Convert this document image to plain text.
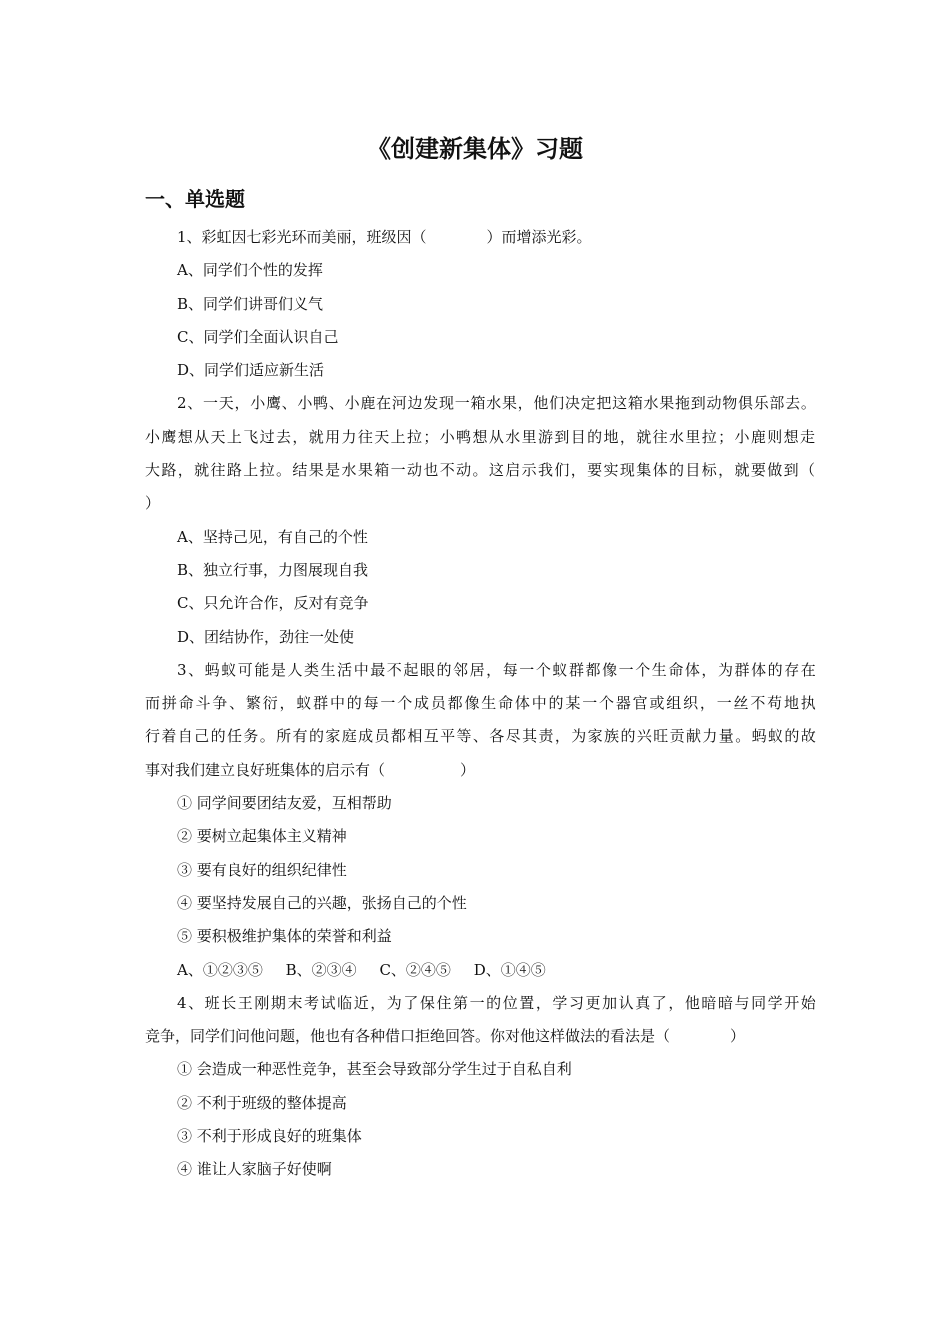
《创建新集体》习题
一、单选题
1、彩虹因七彩光环而美丽，班级因（　　　　）而增添光彩。
A、同学们个性的发挥
B、同学们讲哥们义气
C、同学们全面认识自己
D、同学们适应新生活
2、一天，小鹰、小鸭、小鹿在河边发现一箱水果，他们决定把这箱水果拖到动物俱乐部去。
小鹰想从天上飞过去，就用力往天上拉；小鸭想从水里游到目的地，就往水里拉；小鹿则想走
大路，就往路上拉。结果是水果箱一动也不动。这启示我们，要实现集体的目标，就要做到（
）
A、坚持己见，有自己的个性
B、独立行事，力图展现自我
C、只允许合作，反对有竞争
D、团结协作，劲往一处使
3、蚂蚁可能是人类生活中最不起眼的邻居，每一个蚁群都像一个生命体，为群体的存在
而拼命斗争、繁衍，蚁群中的每一个成员都像生命体中的某一个器官或组织，一丝不苟地执
行着自己的任务。所有的家庭成员都相互平等、各尽其责，为家族的兴旺贡献力量。蚂蚁的故
事对我们建立良好班集体的启示有（　　　　　）
① 同学间要团结友爱，互相帮助
② 要树立起集体主义精神
③ 要有良好的组织纪律性
④ 要坚持发展自己的兴趣，张扬自己的个性
⑤ 要积极维护集体的荣誉和利益
A、①②③⑤ B、②③④ C、②④⑤ D、①④⑤
4、班长王刚期末考试临近，为了保住第一的位置，学习更加认真了，他暗暗与同学开始
竞争，同学们问他问题，他也有各种借口拒绝回答。你对他这样做法的看法是（　　　　）
① 会造成一种恶性竞争，甚至会导致部分学生过于自私自利
② 不利于班级的整体提高
③ 不利于形成良好的班集体
④ 谁让人家脑子好使啊
